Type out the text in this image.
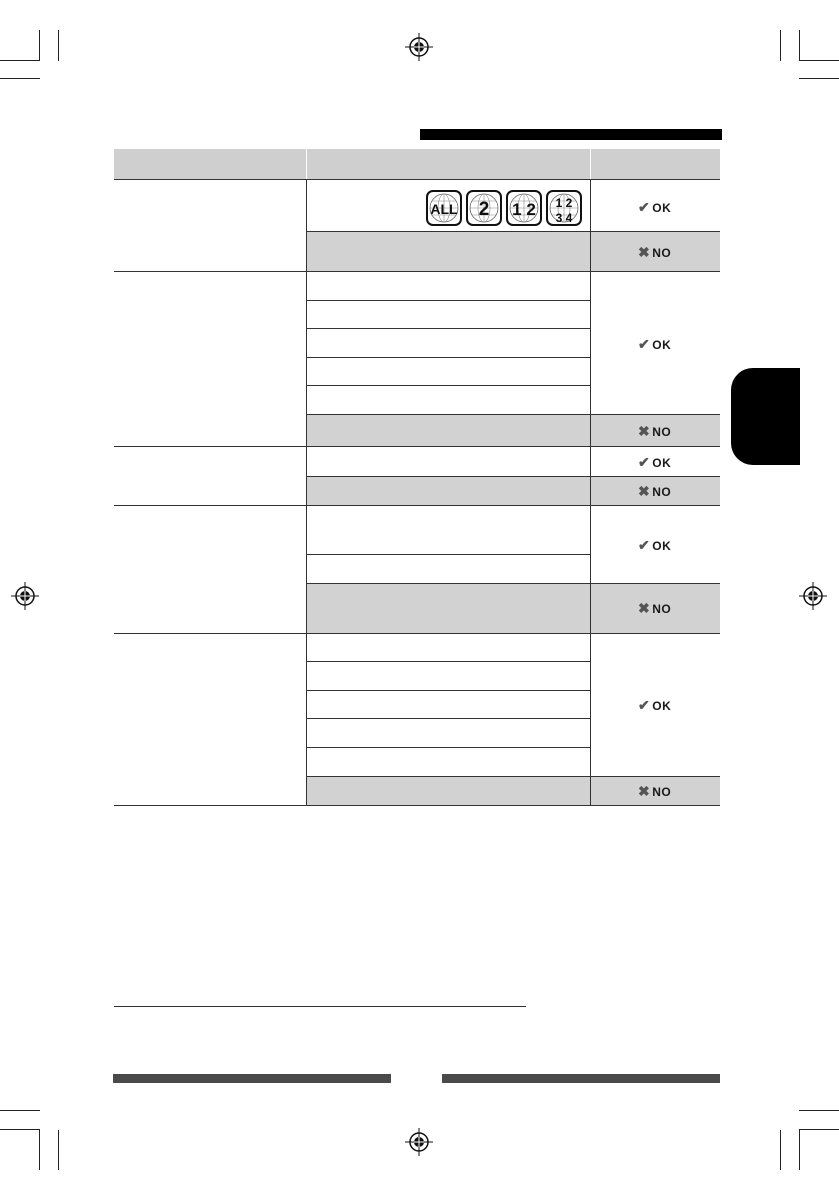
ALL 2 1 2 1 2
3 4
✔ OK
✖ NO
✔ OK
✖ NO
✔ OK
✖ NO
✔ OK
✖ NO
✔ OK
✖ NO
